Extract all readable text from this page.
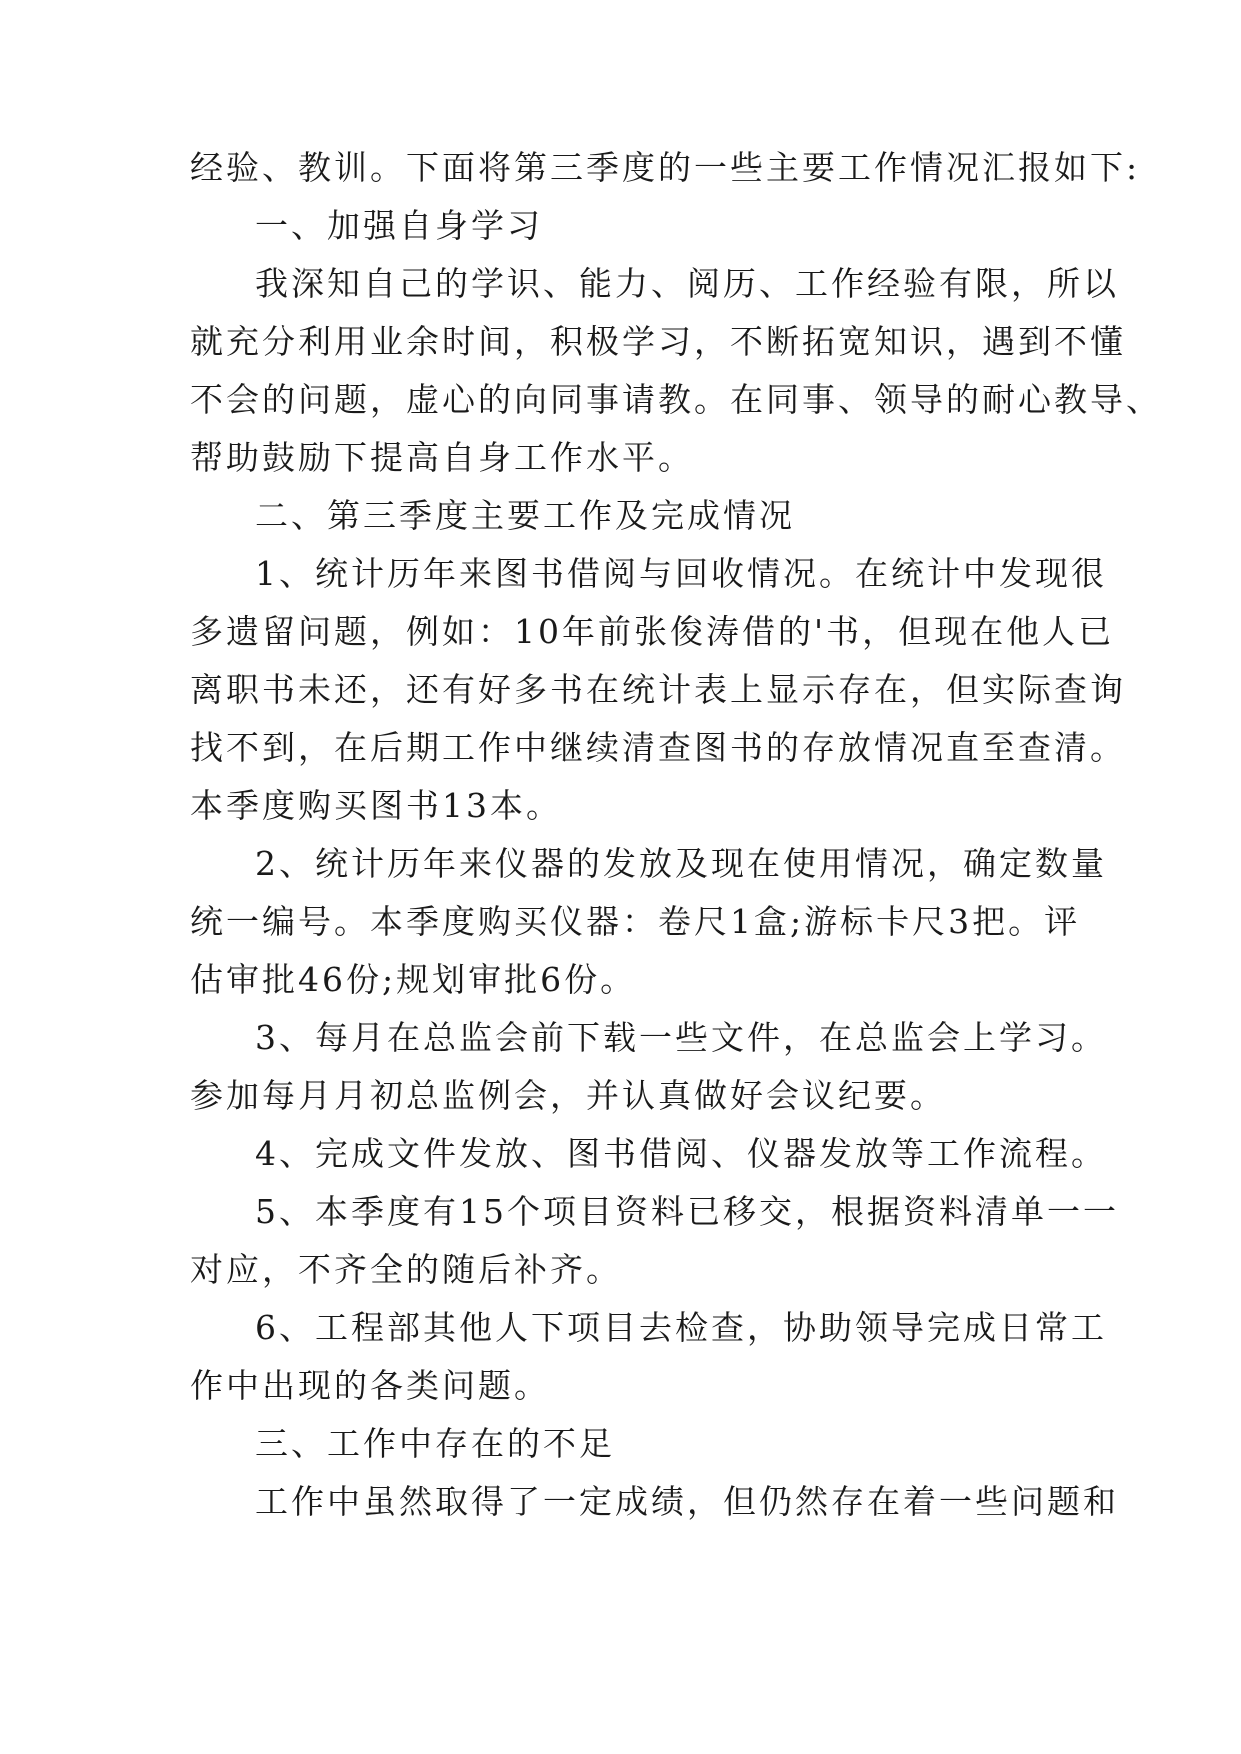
经验、教训。下面将第三季度的一些主要工作情况汇报如下:
一、加强自身学习
我深知自己的学识、能力、阅历、工作经验有限，所以
就充分利用业余时间，积极学习，不断拓宽知识，遇到不懂
不会的问题，虚心的向同事请教。在同事、领导的耐心教导、
帮助鼓励下提高自身工作水平。
二、第三季度主要工作及完成情况
1、统计历年来图书借阅与回收情况。在统计中发现很
多遗留问题，例如：10年前张俊涛借的'书，但现在他人已
离职书未还，还有好多书在统计表上显示存在，但实际查询
找不到，在后期工作中继续清查图书的存放情况直至查清。
本季度购买图书13本。
2、统计历年来仪器的发放及现在使用情况，确定数量
统一编号。本季度购买仪器：卷尺1盒;游标卡尺3把。评
估审批46份;规划审批6份。
3、每月在总监会前下载一些文件，在总监会上学习。
参加每月月初总监例会，并认真做好会议纪要。
4、完成文件发放、图书借阅、仪器发放等工作流程。
5、本季度有15个项目资料已移交，根据资料清单一一
对应，不齐全的随后补齐。
6、工程部其他人下项目去检查，协助领导完成日常工
作中出现的各类问题。
三、工作中存在的不足
工作中虽然取得了一定成绩，但仍然存在着一些问题和
